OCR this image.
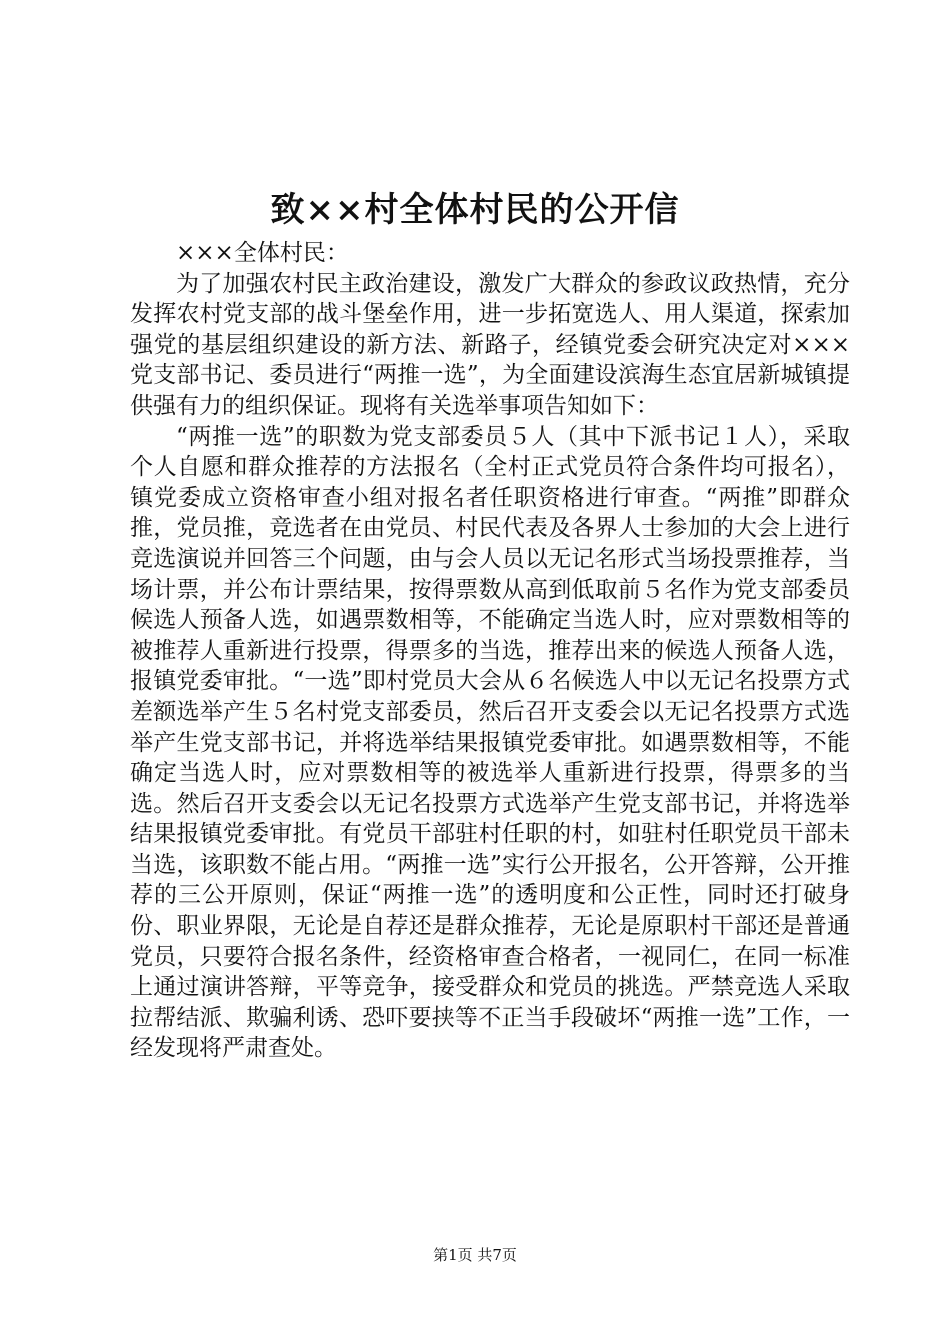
致××村全体村民的公开信

×××全体村民：

为了加强农村民主政治建设，激发广大群众的参政议政热情，充分发挥农村党支部的战斗堡垒作用，进一步拓宽选人、用人渠道，探索加强党的基层组织建设的新方法、新路子，经镇党委会研究决定对×××党支部书记、委员进行“两推一选”，为全面建设滨海生态宜居新城镇提供强有力的组织保证。现将有关选举事项告知如下：

“两推一选”的职数为党支部委员５人（其中下派书记１人），采取个人自愿和群众推荐的方法报名（全村正式党员符合条件均可报名），镇党委成立资格审查小组对报名者任职资格进行审查。“两推”即群众推，党员推，竞选者在由党员、村民代表及各界人士参加的大会上进行竞选演说并回答三个问题，由与会人员以无记名形式当场投票推荐，当场计票，并公布计票结果，按得票数从高到低取前５名作为党支部委员候选人预备人选，如遇票数相等，不能确定当选人时，应对票数相等的被推荐人重新进行投票，得票多的当选，推荐出来的候选人预备人选，报镇党委审批。“一选”即村党员大会从６名候选人中以无记名投票方式差额选举产生５名村党支部委员，然后召开支委会以无记名投票方式选举产生党支部书记，并将选举结果报镇党委审批。如遇票数相等，不能确定当选人时，应对票数相等的被选举人重新进行投票，得票多的当选。然后召开支委会以无记名投票方式选举产生党支部书记，并将选举结果报镇党委审批。有党员干部驻村任职的村，如驻村任职党员干部未当选，该职数不能占用。“两推一选”实行公开报名，公开答辩，公开推荐的三公开原则，保证“两推一选”的透明度和公正性，同时还打破身份、职业界限，无论是自荐还是群众推荐，无论是原职村干部还是普通党员，只要符合报名条件，经资格审查合格者，一视同仁，在同一标准上通过演讲答辩，平等竞争，接受群众和党员的挑选。严禁竞选人采取拉帮结派、欺骗利诱、恐吓要挟等不正当手段破坏“两推一选”工作，一经发现将严肃查处。

第1页 共7页
